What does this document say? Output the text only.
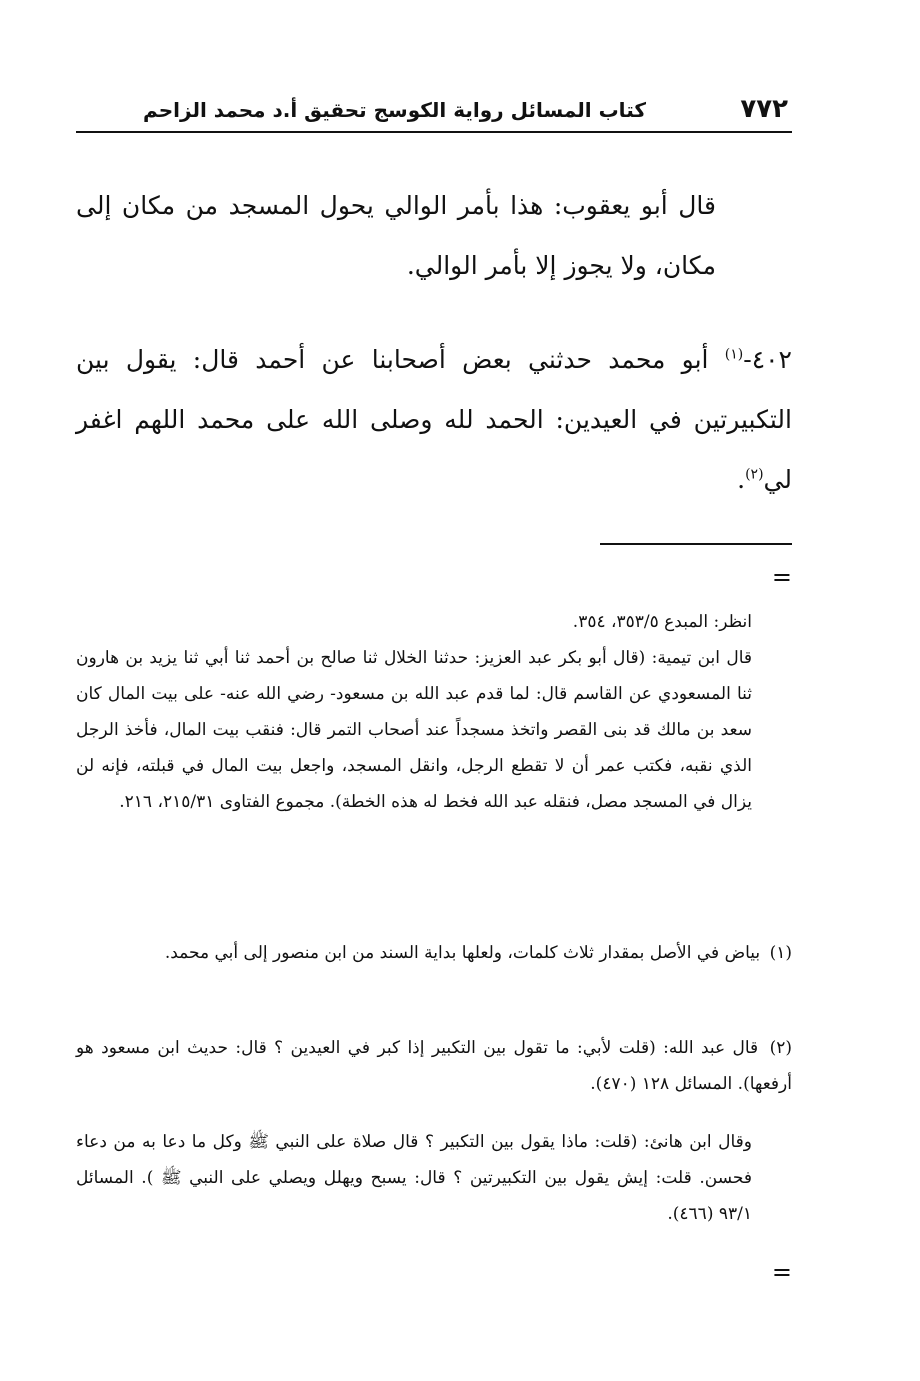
٧٧٢
كتاب المسائل رواية الكوسج تحقيق أ.د محمد الزاحم
قال أبو يعقوب: هذا بأمر الوالي يحول المسجد من مكان إلى مكان، ولا يجوز إلا بأمر الوالي.
٤٠٢-$^{(١)}$ أبو محمد حدثني بعض أصحابنا عن أحمد قال: يقول بين التكبيرتين في العيدين: الحمد لله وصلى الله على محمد اللهم اغفر لي$^{(٢)}$.
=

انظر: المبدع ٣٥٣/٥، ٣٥٤.

قال ابن تيمية: (قال أبو بكر عبد العزيز: حدثنا الخلال ثنا صالح بن أحمد ثنا أبي ثنا يزيد بن هارون ثنا المسعودي عن القاسم قال: لما قدم عبد الله بن مسعود- رضي الله عنه- على بيت المال كان سعد بن مالك قد بنى القصر واتخذ مسجداً عند أصحاب التمر قال: فنقب بيت المال، فأخذ الرجل الذي نقبه، فكتب عمر أن لا تقطع الرجل، وانقل المسجد، واجعل بيت المال في قبلته، فإنه لن يزال في المسجد مصل، فنقله عبد الله فخط له هذه الخطة). مجموع الفتاوى ٢١٥/٣١، ٢١٦.

(١) بياض في الأصل بمقدار ثلاث كلمات، ولعلها بداية السند من ابن منصور إلى أبي محمد.

(٢) قال عبد الله: (قلت لأبي: ما تقول بين التكبير إذا كبر في العيدين ؟ قال: حديث ابن مسعود هو أرفعها). المسائل ١٢٨ (٤٧٠).

وقال ابن هانئ: (قلت: ماذا يقول بين التكبير ؟ قال صلاة على النبي ﷺ وكل ما دعا به من دعاء فحسن. قلت: إيش يقول بين التكبيرتين ؟ قال: يسبح ويهلل ويصلي على النبي ﷺ ). المسائل ٩٣/١ (٤٦٦).

=
